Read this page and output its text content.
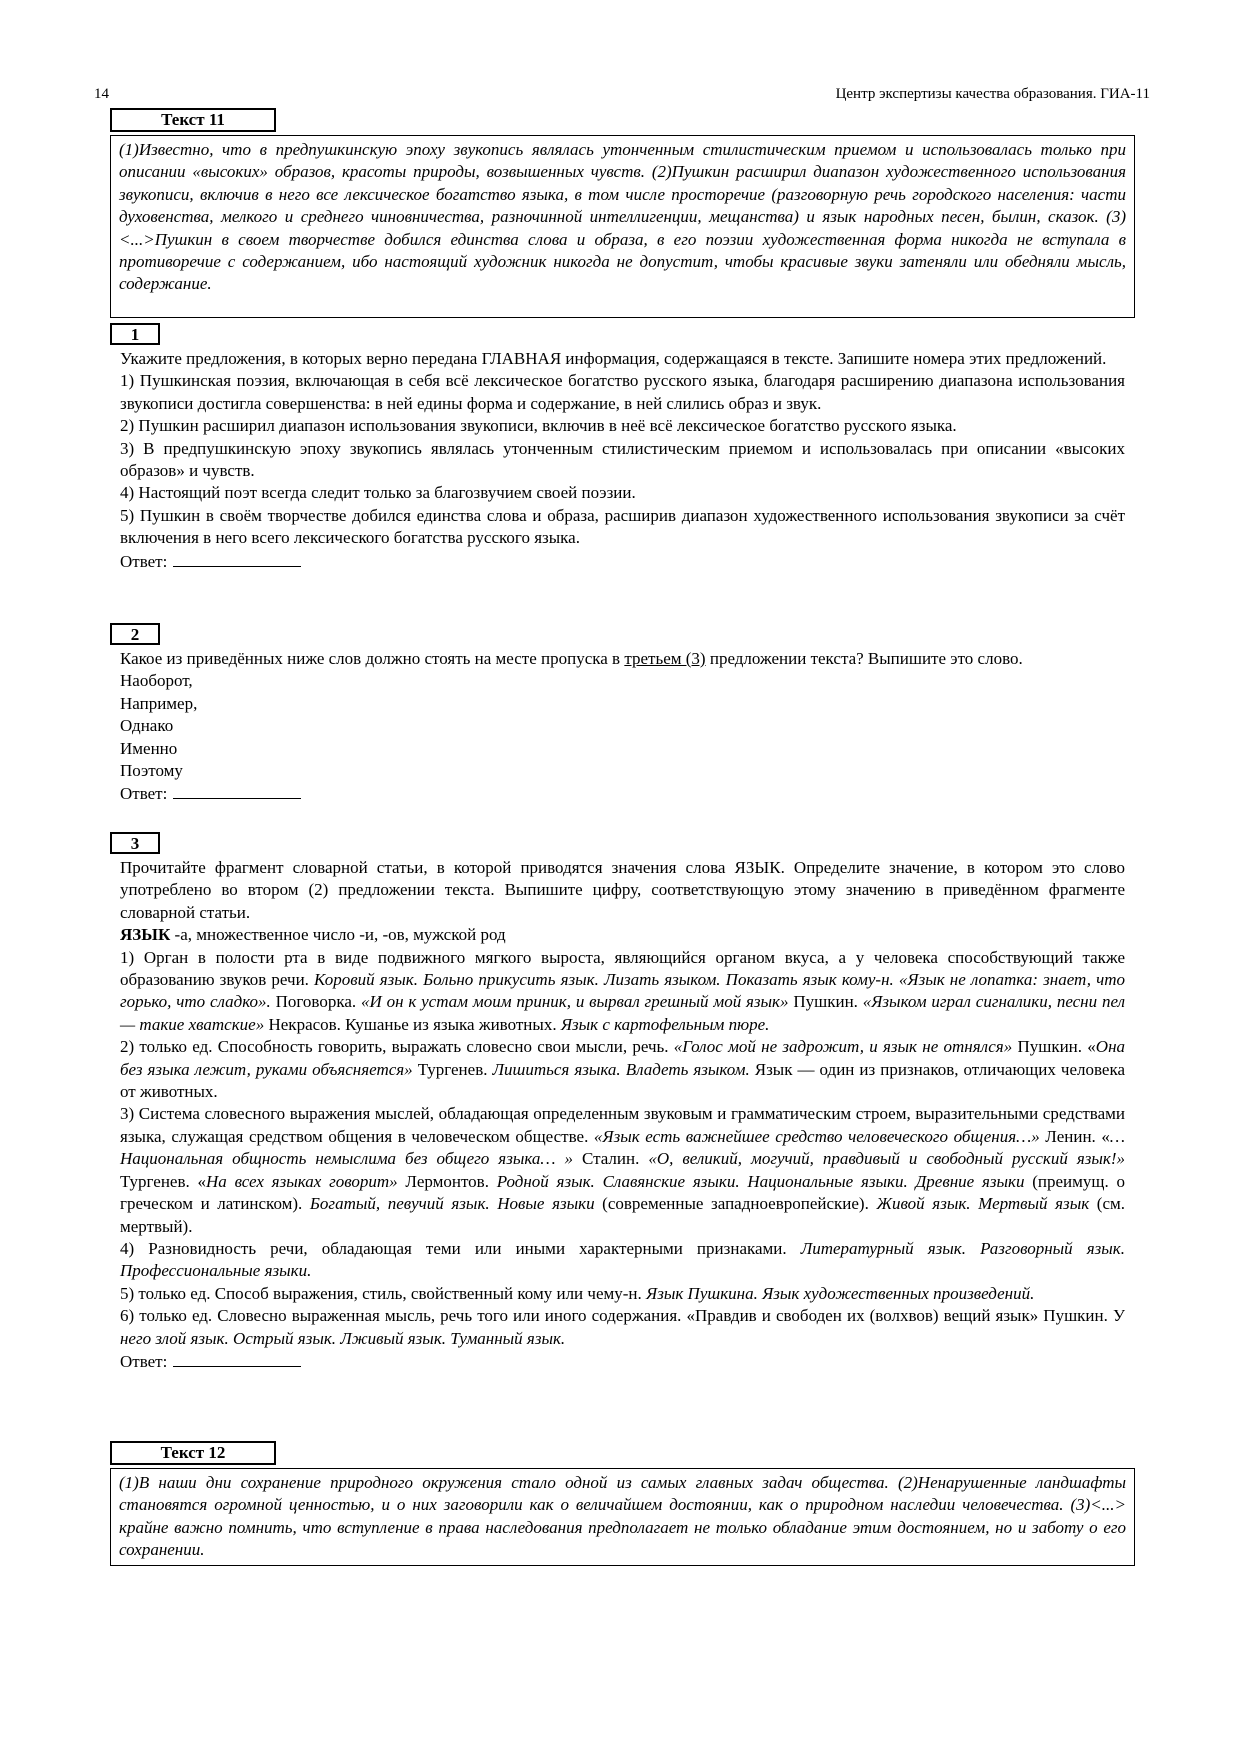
14	Центр экспертизы качества образования. ГИА-11
Текст 11
(1)Известно, что в предпушкинскую эпоху звукопись являлась утонченным стилистическим приемом и использовалась только при описании «высоких» образов, красоты природы, возвышенных чувств. (2)Пушкин расширил диапазон художественного использования звукописи, включив в него все лексическое богатство языка, в том числе просторечие (разговорную речь городского населения: части духовенства, мелкого и среднего чиновничества, разночинной интеллигенции, мещанства) и язык народных песен, былин, сказок. (3)<...>Пушкин в своем творчестве добился единства слова и образа, в его поэзии художественная форма никогда не вступала в противоречие с содержанием, ибо настоящий художник никогда не допустит, чтобы красивые звуки затеняли или обедняли мысль, содержание.
1

Укажите предложения, в которых верно передана ГЛАВНАЯ информация, содержащаяся в тексте. Запишите номера этих предложений.

1) Пушкинская поэзия, включающая в себя всё лексическое богатство русского языка, благодаря расширению диапазона использования звукописи достигла совершенства: в ней едины форма и содержание, в ней слились образ и звук.

2) Пушкин расширил диапазон использования звукописи, включив в неё всё лексическое богатство русского языка.

3) В предпушкинскую эпоху звукопись являлась утонченным стилистическим приемом и использовалась при описании «высоких образов» и чувств.

4) Настоящий поэт всегда следит только за благозвучием своей поэзии.

5) Пушкин в своём творчестве добился единства слова и образа, расширив диапазон художественного использования звукописи за счёт включения в него всего лексического богатства русского языка.

Ответ:

2

Какое из приведённых ниже слов должно стоять на месте пропуска в третьем (3) предложении текста? Выпишите это слово.

Наоборот,

Например,

Однако

Именно

Поэтому

Ответ:

3

Прочитайте фрагмент словарной статьи, в которой приводятся значения слова ЯЗЫК. Определите значение, в котором это слово употреблено во втором (2) предложении текста. Выпишите цифру, соответствующую этому значению в приведённом фрагменте словарной статьи.

ЯЗЫК -а, множественное число -и, -ов, мужской род

1) Орган в полости рта в виде подвижного мягкого выроста, являющийся органом вкуса, а у человека способствующий также образованию звуков речи. Коровий язык. Больно прикусить язык. Лизать языком. Показать язык кому-н. «Язык не лопатка: знает, что горько, что сладко». Поговорка. «И он к устам моим приник, и вырвал грешный мой язык» Пушкин. «Языком играл сигналики, песни пел — такие хватские» Некрасов. Кушанье из языка животных. Язык с картофельным пюре.

2) только ед. Способность говорить, выражать словесно свои мысли, речь. «Голос мой не задрожит, и язык не отнялся» Пушкин. «Она без языка лежит, руками объясняется» Тургенев. Лишиться языка. Владеть языком. Язык — один из признаков, отличающих человека от животных.

3) Система словесного выражения мыслей, обладающая определенным звуковым и грамматическим строем, выразительными средствами языка, служащая средством общения в человеческом обществе. «Язык есть важнейшее средство человеческого общения…» Ленин. «…Национальная общность немыслима без общего языка… » Сталин. «О, великий, могучий, правдивый и свободный русский язык!» Тургенев. «На всех языках говорит» Лермонтов. Родной язык. Славянские языки. Национальные языки. Древние языки (преимущ. о греческом и латинском). Богатый, певучий язык. Новые языки (современные западноевропейские). Живой язык. Мертвый язык (см. мертвый).

4) Разновидность речи, обладающая теми или иными характерными признаками. Литературный язык. Разговорный язык. Профессиональные языки.

5) только ед. Способ выражения, стиль, свойственный кому или чему-н. Язык Пушкина. Язык художественных произведений.

6) только ед. Словесно выраженная мысль, речь того или иного содержания. «Правдив и свободен их (волхвов) вещий язык» Пушкин. У него злой язык. Острый язык. Лживый язык. Туманный язык.

Ответ:

Текст 12
(1)В наши дни сохранение природного окружения стало одной из самых главных задач общества. (2)Ненарушенные ландшафты становятся огромной ценностью, и о них заговорили как о величайшем достоянии, как о природном наследии человечества. (3)<...> крайне важно помнить, что вступление в права наследования предполагает не только обладание этим достоянием, но и заботу о его сохранении.
